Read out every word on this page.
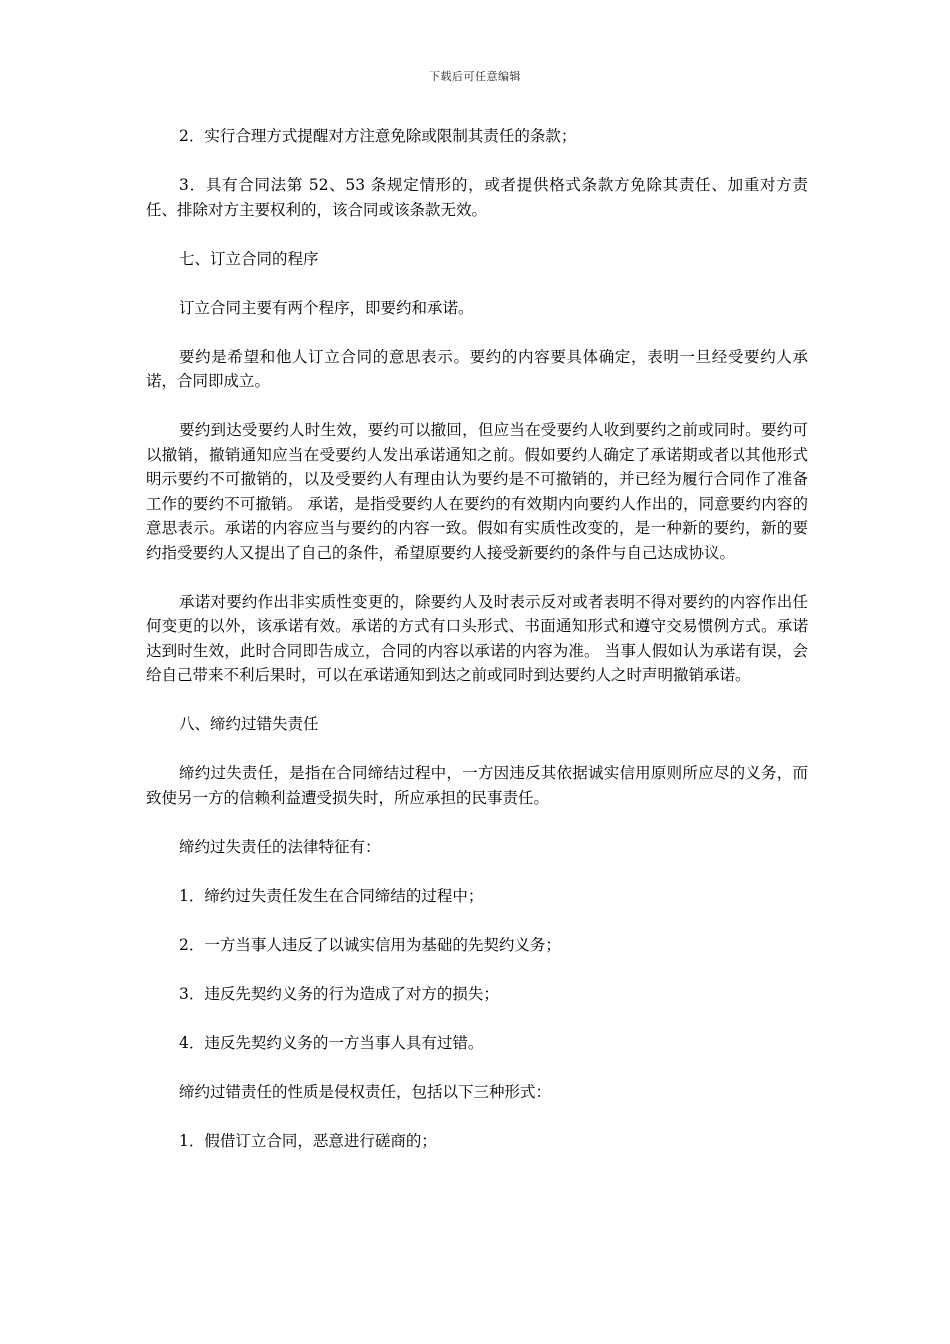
下载后可任意编辑

2．实行合理方式提醒对方注意免除或限制其责任的条款；

3．具有合同法第 52、53 条规定情形的，或者提供格式条款方免除其责任、加重对方责任、排除对方主要权利的，该合同或该条款无效。

七、订立合同的程序

订立合同主要有两个程序，即要约和承诺。

要约是希望和他人订立合同的意思表示。要约的内容要具体确定，表明一旦经受要约人承诺，合同即成立。

要约到达受要约人时生效，要约可以撤回，但应当在受要约人收到要约之前或同时。要约可以撤销，撤销通知应当在受要约人发出承诺通知之前。假如要约人确定了承诺期或者以其他形式明示要约不可撤销的，以及受要约人有理由认为要约是不可撤销的，并已经为履行合同作了准备工作的要约不可撤销。 承诺，是指受要约人在要约的有效期内向要约人作出的，同意要约内容的意思表示。承诺的内容应当与要约的内容一致。假如有实质性改变的，是一种新的要约，新的要约指受要约人又提出了自己的条件，希望原要约人接受新要约的条件与自己达成协议。

承诺对要约作出非实质性变更的，除要约人及时表示反对或者表明不得对要约的内容作出任何变更的以外，该承诺有效。承诺的方式有口头形式、书面通知形式和遵守交易惯例方式。承诺达到时生效，此时合同即告成立，合同的内容以承诺的内容为准。 当事人假如认为承诺有误，会给自己带来不利后果时，可以在承诺通知到达之前或同时到达要约人之时声明撤销承诺。

八、缔约过错失责任

缔约过失责任，是指在合同缔结过程中，一方因违反其依据诚实信用原则所应尽的义务，而致使另一方的信赖利益遭受损失时，所应承担的民事责任。

缔约过失责任的法律特征有：

1．缔约过失责任发生在合同缔结的过程中；

2．一方当事人违反了以诚实信用为基础的先契约义务；

3．违反先契约义务的行为造成了对方的损失；

4．违反先契约义务的一方当事人具有过错。

缔约过错责任的性质是侵权责任，包括以下三种形式：

1．假借订立合同，恶意进行磋商的；
